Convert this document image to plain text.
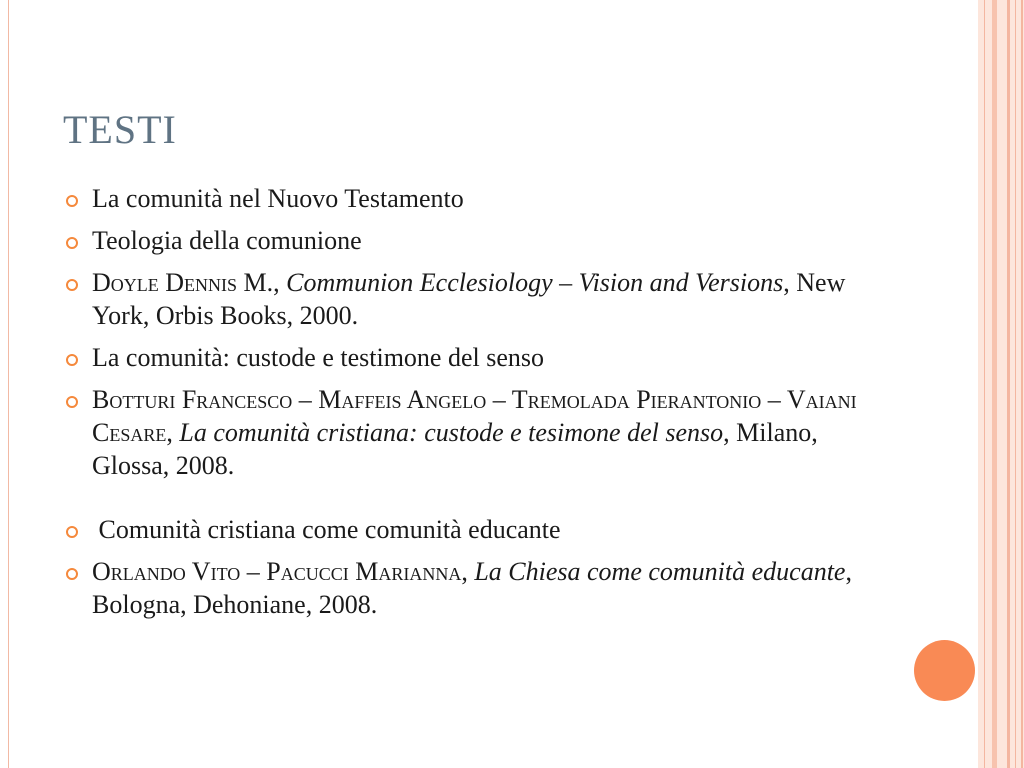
TESTI
La comunità nel Nuovo Testamento
Teologia della comunione
Doyle Dennis M., Communion Ecclesiology – Vision and Versions, New York, Orbis Books, 2000.
La comunità: custode e testimone del senso
Botturi Francesco – Maffeis Angelo – Tremolada Pierantonio – Vaiani Cesare, La comunità cristiana: custode e tesimone del senso, Milano, Glossa, 2008.
Comunità cristiana come comunità educante
Orlando Vito – Pacucci Marianna, La Chiesa come comunità educante, Bologna, Dehoniane, 2008.
